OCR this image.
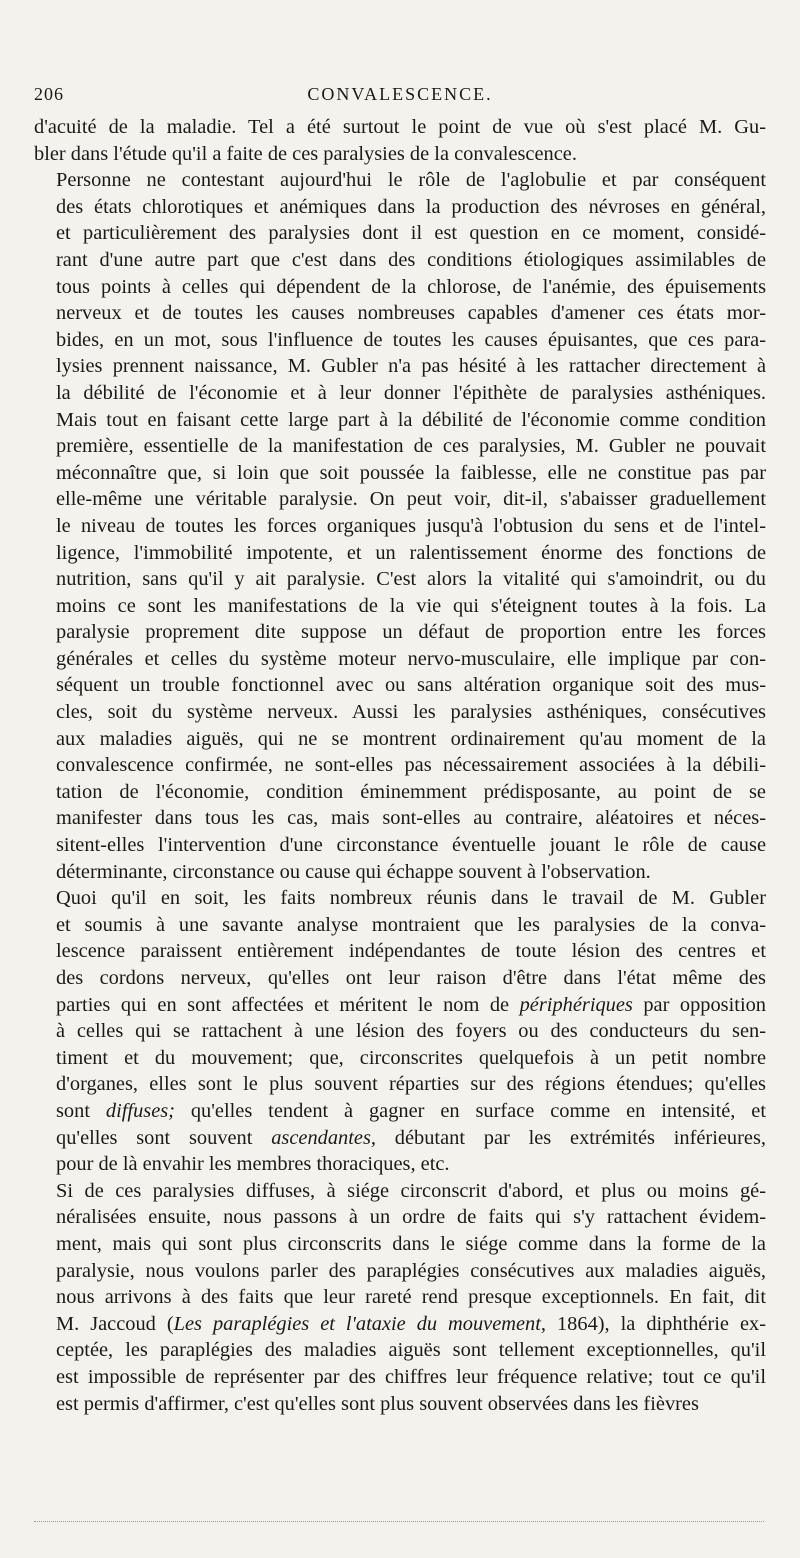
206	CONVALESCENCE.

d'acuité de la maladie. Tel a été surtout le point de vue où s'est placé M. Gu-
bler dans l'étude qu'il a faite de ces paralysies de la convalescence.

Personne ne contestant aujourd'hui le rôle de l'aglobulie et par conséquent
des états chlorotiques et anémiques dans la production des névroses en général,
et particulièrement des paralysies dont il est question en ce moment, considé-
rant d'une autre part que c'est dans des conditions étiologiques assimilables de
tous points à celles qui dépendent de la chlorose, de l'anémie, des épuisements
nerveux et de toutes les causes nombreuses capables d'amener ces états mor-
bides, en un mot, sous l'influence de toutes les causes épuisantes, que ces para-
lysies prennent naissance, M. Gubler n'a pas hésité à les rattacher directement à
la débilité de l'économie et à leur donner l'épithète de paralysies asthéniques.
Mais tout en faisant cette large part à la débilité de l'économie comme condition
première, essentielle de la manifestation de ces paralysies, M. Gubler ne pouvait
méconnaître que, si loin que soit poussée la faiblesse, elle ne constitue pas par
elle-même une véritable paralysie. On peut voir, dit-il, s'abaisser graduellement
le niveau de toutes les forces organiques jusqu'à l'obtusion du sens et de l'intel-
ligence, l'immobilité impotente, et un ralentissement énorme des fonctions de
nutrition, sans qu'il y ait paralysie. C'est alors la vitalité qui s'amoindrit, ou du
moins ce sont les manifestations de la vie qui s'éteignent toutes à la fois. La
paralysie proprement dite suppose un défaut de proportion entre les forces
générales et celles du système moteur nervo-musculaire, elle implique par con-
séquent un trouble fonctionnel avec ou sans altération organique soit des mus-
cles, soit du système nerveux. Aussi les paralysies asthéniques, consécutives
aux maladies aiguës, qui ne se montrent ordinairement qu'au moment de la
convalescence confirmée, ne sont-elles pas nécessairement associées à la débili-
tation de l'économie, condition éminemment prédisposante, au point de se
manifester dans tous les cas, mais sont-elles au contraire, aléatoires et néces-
sitent-elles l'intervention d'une circonstance éventuelle jouant le rôle de cause
déterminante, circonstance ou cause qui échappe souvent à l'observation.

Quoi qu'il en soit, les faits nombreux réunis dans le travail de M. Gubler
et soumis à une savante analyse montraient que les paralysies de la conva-
lescence paraissent entièrement indépendantes de toute lésion des centres et
des cordons nerveux, qu'elles ont leur raison d'être dans l'état même des
parties qui en sont affectées et méritent le nom de périphériques par opposition
à celles qui se rattachent à une lésion des foyers ou des conducteurs du sen-
timent et du mouvement; que, circonscrites quelquefois à un petit nombre
d'organes, elles sont le plus souvent réparties sur des régions étendues; qu'elles
sont diffuses; qu'elles tendent à gagner en surface comme en intensité, et
qu'elles sont souvent ascendantes, débutant par les extrémités inférieures,
pour de là envahir les membres thoraciques, etc.

Si de ces paralysies diffuses, à siége circonscrit d'abord, et plus ou moins gé-
néralisées ensuite, nous passons à un ordre de faits qui s'y rattachent évidem-
ment, mais qui sont plus circonscrits dans le siége comme dans la forme de la
paralysie, nous voulons parler des paraplégies consécutives aux maladies aiguës,
nous arrivons à des faits que leur rareté rend presque exceptionnels. En fait, dit
M. Jaccoud (Les paraplégies et l'ataxie du mouvement, 1864), la diphthérie ex-
ceptée, les paraplégies des maladies aiguës sont tellement exceptionnelles, qu'il
est impossible de représenter par des chiffres leur fréquence relative; tout ce qu'il
est permis d'affirmer, c'est qu'elles sont plus souvent observées dans les fièvres
